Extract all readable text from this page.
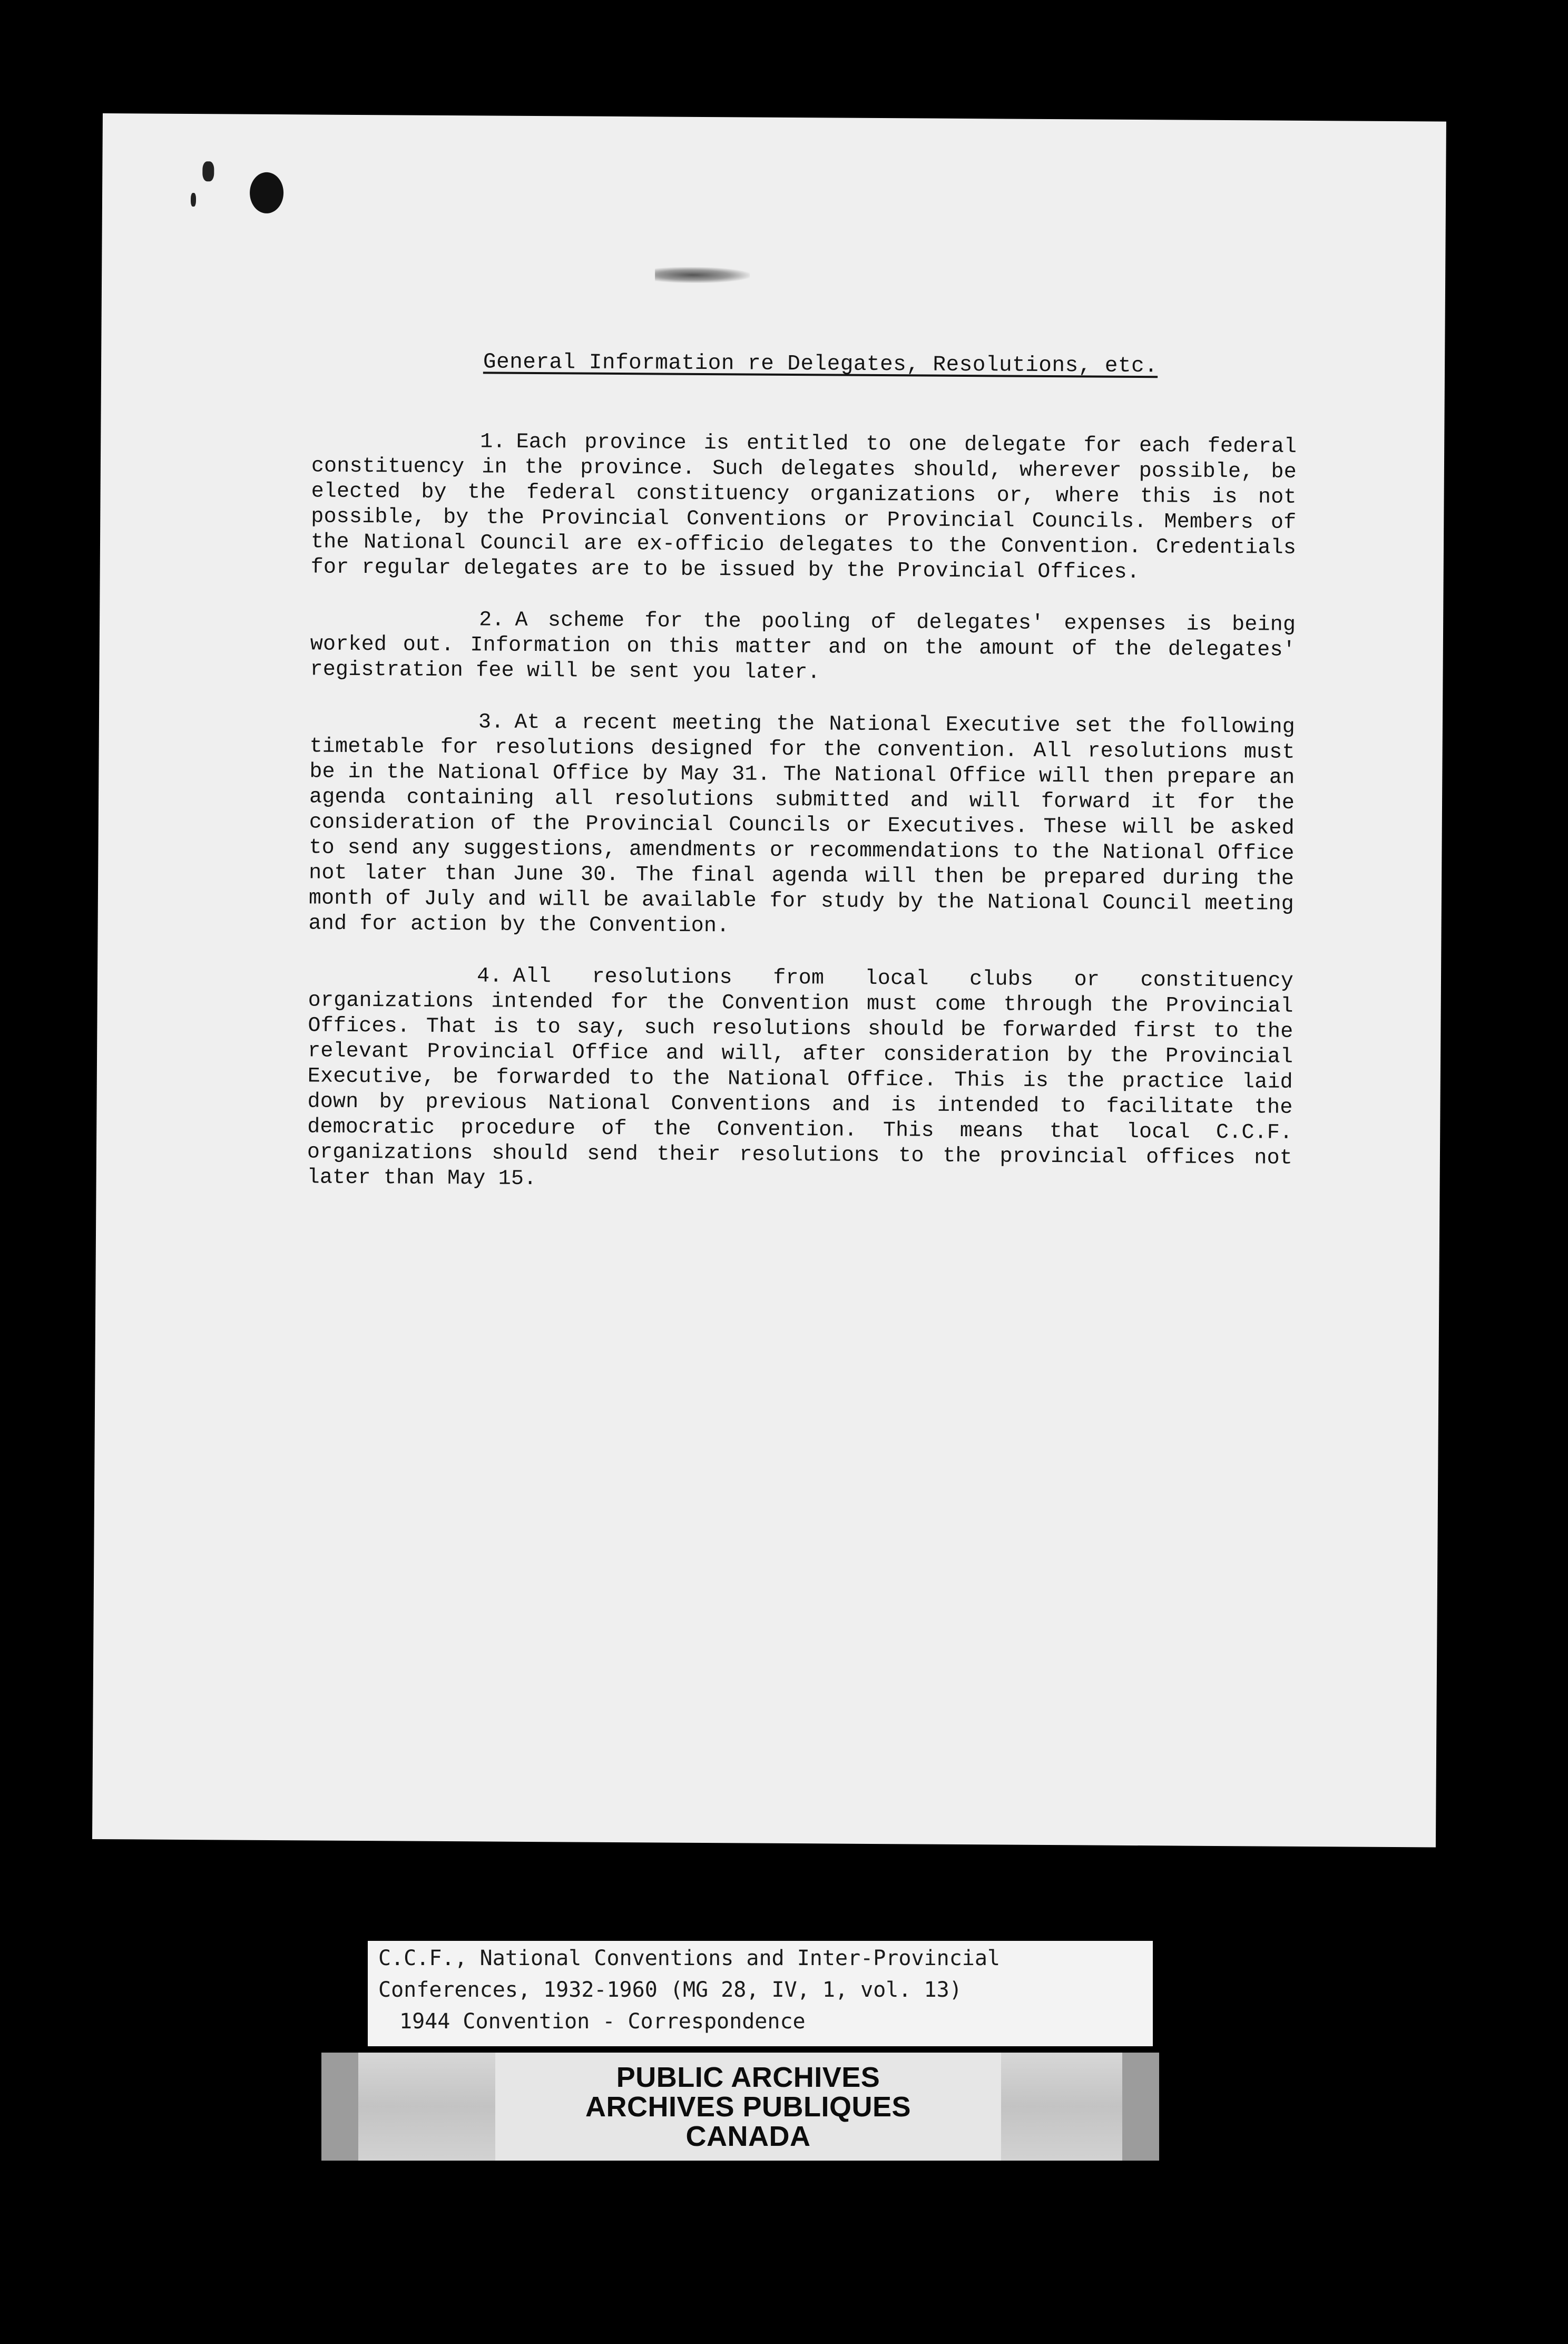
General Information re Delegates, Resolutions, etc.

1. Each province is entitled to one delegate for each federal constituency in the province. Such delegates should, wherever possible, be elected by the federal constituency organizations or, where this is not possible, by the Provincial Conventions or Provincial Councils. Members of the National Council are ex-officio delegates to the Convention. Credentials for regular delegates are to be issued by the Provincial Offices.

2. A scheme for the pooling of delegates' expenses is being worked out. Information on this matter and on the amount of the delegates' registration fee will be sent you later.

3. At a recent meeting the National Executive set the following timetable for resolutions designed for the convention. All resolutions must be in the National Office by May 31. The National Office will then prepare an agenda containing all resolutions submitted and will forward it for the consideration of the Provincial Councils or Executives. These will be asked to send any suggestions, amendments or recommendations to the National Office not later than June 30. The final agenda will then be prepared during the month of July and will be available for study by the National Council meeting and for action by the Convention.

4. All resolutions from local clubs or constituency organizations intended for the Convention must come through the Provincial Offices. That is to say, such resolutions should be forwarded first to the relevant Provincial Office and will, after consideration by the Provincial Executive, be forwarded to the National Office. This is the practice laid down by previous National Conventions and is intended to facilitate the democratic procedure of the Convention. This means that local C.C.F. organizations should send their resolutions to the provincial offices not later than May 15.

C.C.F., National Conventions and Inter-Provincial
Conferences, 1932-1960 (MG 28, IV, 1, vol. 13)
1944 Convention - Correspondence
PUBLIC ARCHIVES
ARCHIVES PUBLIQUES
CANADA
